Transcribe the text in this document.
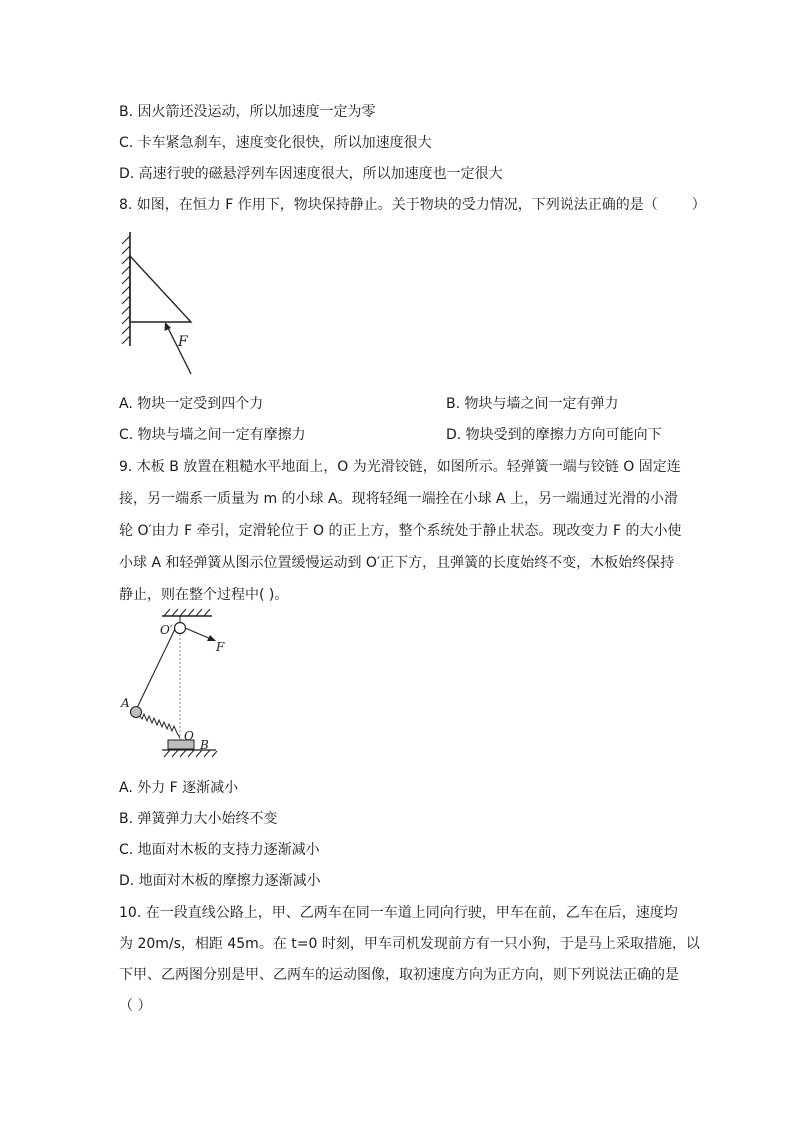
B. 因火箭还没运动，所以加速度一定为零
C. 卡车紧急刹车，速度变化很快，所以加速度很大
D. 高速行驶的磁悬浮列车因速度很大，所以加速度也一定很大
8. 如图，在恒力 F 作用下，物块保持静止。关于物块的受力情况，下列说法正确的是（ ）
F
A. 物块一定受到四个力	B. 物块与墙之间一定有弹力
C. 物块与墙之间一定有摩擦力	D. 物块受到的摩擦力方向可能向下
9. 木板 B 放置在粗糙水平地面上，O 为光滑铰链，如图所示。轻弹簧一端与铰链 O 固定连
接，另一端系一质量为 m 的小球 A。现将轻绳一端拴在小球 A 上，另一端通过光滑的小滑
轮 O′由力 F 牵引，定滑轮位于 O 的正上方，整个系统处于静止状态。现改变力 F 的大小使
小球 A 和轻弹簧从图示位置缓慢运动到 O′正下方，且弹簧的长度始终不变，木板始终保持
静止，则在整个过程中( )。
O′
F
A
O
B
A. 外力 F 逐渐减小
B. 弹簧弹力大小始终不变
C. 地面对木板的支持力逐渐减小
D. 地面对木板的摩擦力逐渐减小
10. 在一段直线公路上，甲、乙两车在同一车道上同向行驶，甲车在前，乙车在后，速度均
为 20m/s，相距 45m。在 t=0 时刻，甲车司机发现前方有一只小狗，于是马上采取措施，以
下甲、乙两图分别是甲、乙两车的运动图像，取初速度方向为正方向，则下列说法正确的是
（ ）
